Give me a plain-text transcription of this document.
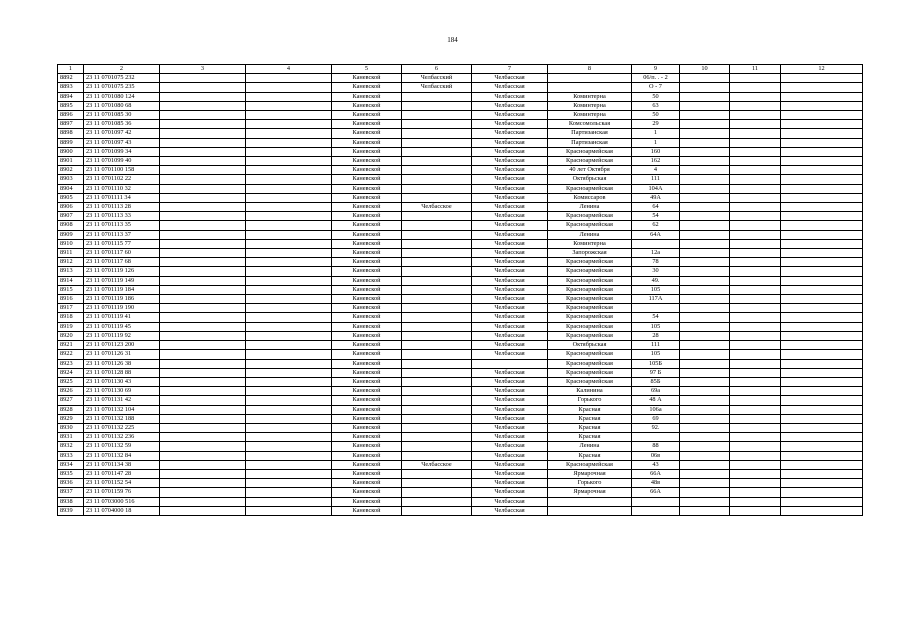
184
1	2	3	4	5	6	7	8	9	10	11	12
8892	23 11 0701075 232			Каневской	Челбасский	Челбасская		06/п. . - 2			
8893	23 11 0701075 235			Каневской	Челбасский	Челбасская		О - 7			
8894	23 11 0701080 124			Каневской		Челбасская	Коминтерна	50			
8895	23 11 0701080 68			Каневской		Челбасская	Коминтерна	63			
8896	23 11 0701085 30			Каневской		Челбасская	Коминтерна	50			
8897	23 11 0701085 36			Каневской		Челбасская	Комсомольская	29			
8898	23 11 0701097 42			Каневской		Челбасская	Партизанская	1			
8899	23 11 0701097 43			Каневской		Челбасская	Партизанская	1			
8900	23 11 0701099 34			Каневской		Челбасская	Красноармейская	160			
8901	23 11 0701099 40			Каневской		Челбасская	Красноармейская	162			
8902	23 11 0701100 158			Каневской		Челбасская	40 лет Октября	4			
8903	23 11 0701102 22			Каневской		Челбасская	Октябрьская	111			
8904	23 11 0701110 32			Каневской		Челбасская	Красноармейская	104А			
8905	23 11 0701111 34			Каневской		Челбасская	Комиссаров	49А			
8906	23 11 0701113 28			Каневской	Челбасское	Челбасская	Ленина	64			
8907	23 11 0701113 33			Каневской		Челбасская	Красноармейская	54			
8908	23 11 0701113 35			Каневской		Челбасская	Красноармейская	62			
8909	23 11 0701113 37			Каневской		Челбасская	Ленина	64А			
8910	23 11 0701115 77			Каневской		Челбасская	Коминтерна				
8911	23 11 0701117 60			Каневской		Челбасская	Запорожская	12а			
8912	23 11 0701117 68			Каневской		Челбасская	Красноармейская	78			
8913	23 11 0701119 126			Каневской		Челбасская	Красноармейская	30			
8914	23 11 0701119 149			Каневской		Челбасская	Красноармейская	49.			
8915	23 11 0701119 184			Каневской		Челбасская	Красноармейская	105			
8916	23 11 0701119 186			Каневской		Челбасская	Красноармейская	117А			
8917	23 11 0701119 190			Каневской		Челбасская	Красноармейская				
8918	23 11 0701119 41			Каневской		Челбасская	Красноармейская	54			
8919	23 11 0701119 45			Каневской		Челбасская	Красноармейская	105			
8920	23 11 0701119 92			Каневской		Челбасская	Красноармейская	28			
8921	23 11 0701123 200			Каневской		Челбасская	Октябрьская	111			
8922	23 11 0701126 31			Каневской		Челбасская	Красноармейская	105			
8923	23 11 0701126 38			Каневской			Красноармейская	105Б			
8924	23 11 0701128 88			Каневской		Челбасская	Красноармейская	97 Б			
8925	23 11 0701130 43			Каневской		Челбасская	Красноармейская	85Б			
8926	23 11 0701130 69			Каневской		Челбасская	Калинина	69а			
8927	23 11 0701131 42			Каневской		Челбасская	Горького	48 А			
8928	23 11 0701132 104			Каневской		Челбасская	Красная	106а			
8929	23 11 0701132 188			Каневской		Челбасская	Красная	69			
8930	23 11 0701132 225			Каневской		Челбасская	Красная	92.			
8931	23 11 0701132 236			Каневской		Челбасская	Красная				
8932	23 11 0701132 59			Каневской		Челбасская	Ленина	88			
8933	23 11 0701132 84			Каневской		Челбасская	Красная	06в			
8934	23 11 0701134 38			Каневской	Челбасское	Челбасская	Красноармейская	43			
8935	23 11 0701147 28			Каневской		Челбасская	Ярмарочная	66А			
8936	23 11 0701152 54			Каневской		Челбасская	Горького	48в			
8937	23 11 0701159 76			Каневской		Челбасская	Ярмарочная	66А			
8938	23 11 0703000 516			Каневской		Челбасская					
8939	23 11 0704000 18			Каневской		Челбасская					
